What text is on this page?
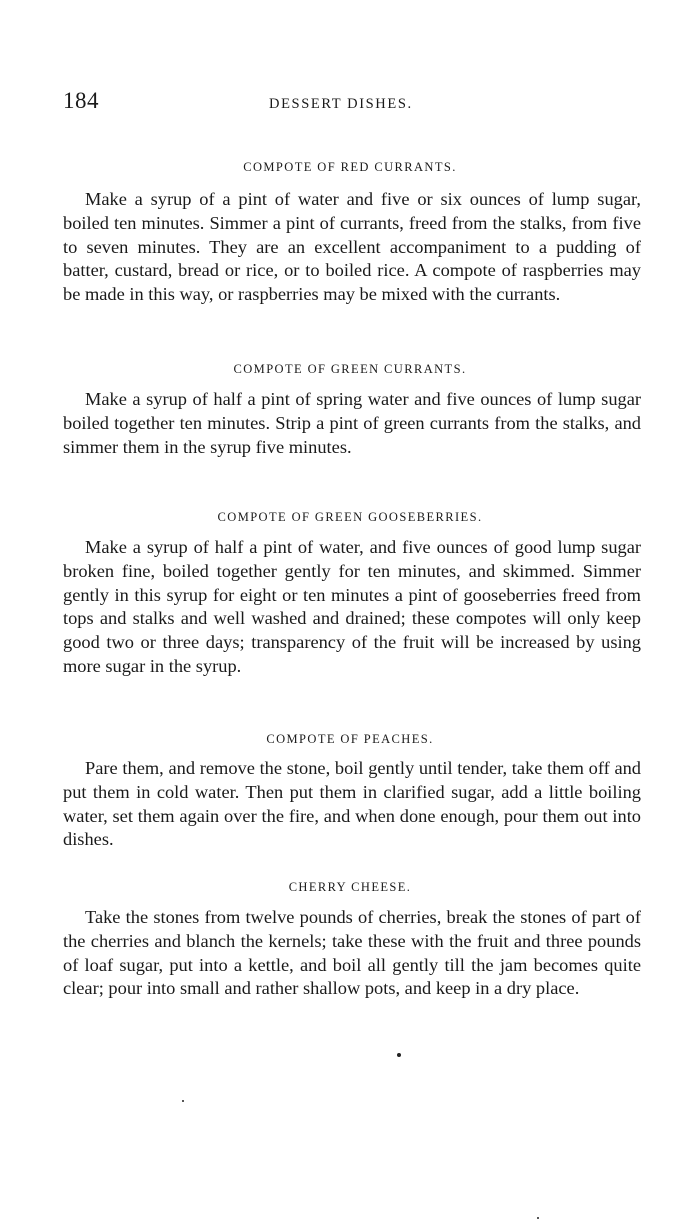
184	DESSERT DISHES.
COMPOTE OF RED CURRANTS.

Make a syrup of a pint of water and five or six ounces of lump sugar, boiled ten minutes. Simmer a pint of currants, freed from the stalks, from five to seven minutes. They are an excellent accompaniment to a pudding of batter, custard, bread or rice, or to boiled rice. A compote of raspberries may be made in this way, or raspberries may be mixed with the currants.

COMPOTE OF GREEN CURRANTS.

Make a syrup of half a pint of spring water and five ounces of lump sugar boiled together ten minutes. Strip a pint of green currants from the stalks, and simmer them in the syrup five minutes.

COMPOTE OF GREEN GOOSEBERRIES.

Make a syrup of half a pint of water, and five ounces of good lump sugar broken fine, boiled together gently for ten minutes, and skimmed. Simmer gently in this syrup for eight or ten minutes a pint of gooseberries freed from tops and stalks and well washed and drained; these compotes will only keep good two or three days; transparency of the fruit will be increased by using more sugar in the syrup.

COMPOTE OF PEACHES.

Pare them, and remove the stone, boil gently until tender, take them off and put them in cold water. Then put them in clarified sugar, add a little boiling water, set them again over the fire, and when done enough, pour them out into dishes.

CHERRY CHEESE.

Take the stones from twelve pounds of cherries, break the stones of part of the cherries and blanch the kernels; take these with the fruit and three pounds of loaf sugar, put into a kettle, and boil all gently till the jam becomes quite clear; pour into small and rather shallow pots, and keep in a dry place.
